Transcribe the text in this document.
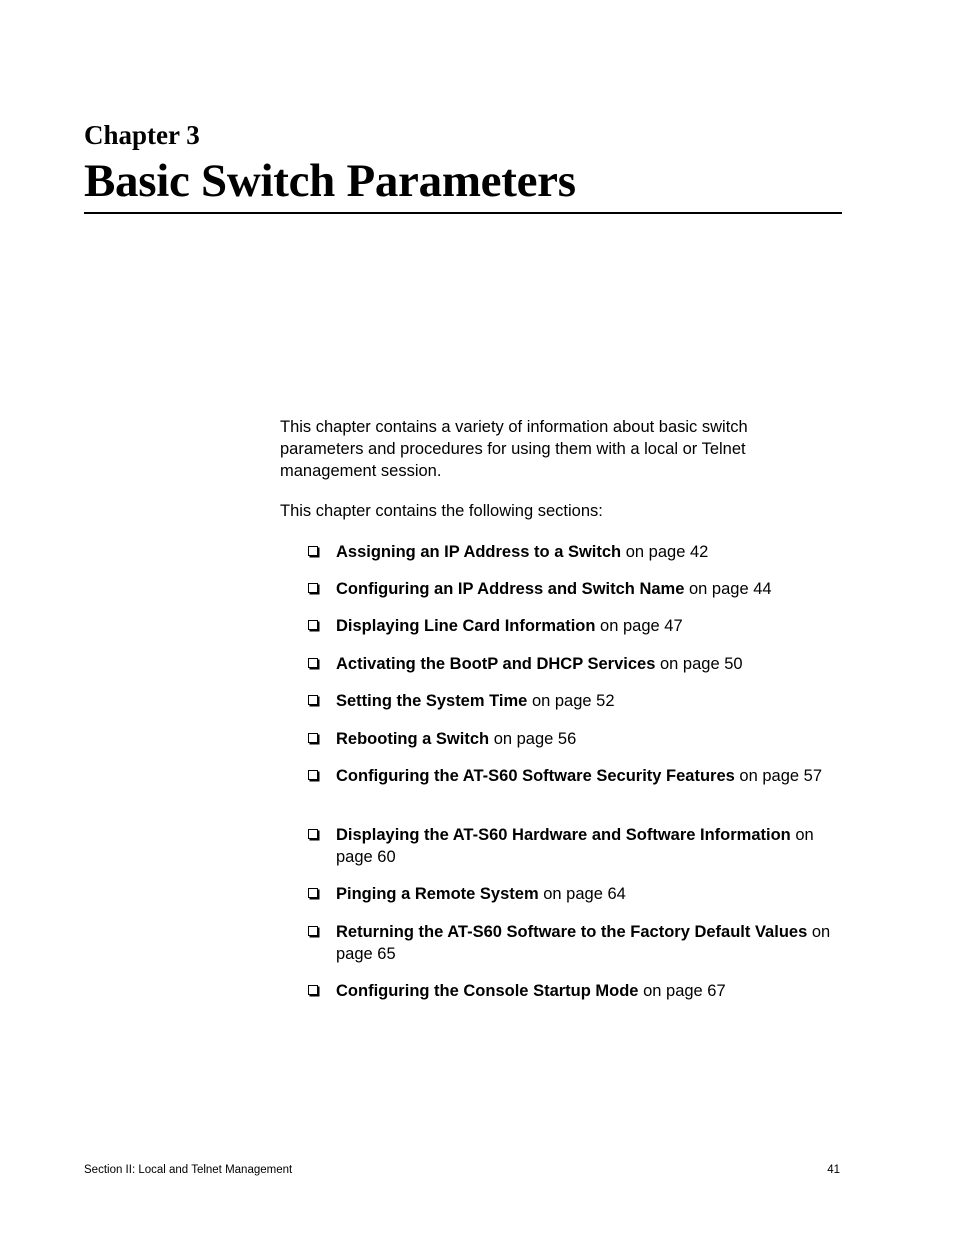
Chapter 3
Basic Switch Parameters

This chapter contains a variety of information about basic switch parameters and procedures for using them with a local or Telnet management session.

This chapter contains the following sections:

Assigning an IP Address to a Switch on page 42
Configuring an IP Address and Switch Name on page 44
Displaying Line Card Information on page 47
Activating the BootP and DHCP Services on page 50
Setting the System Time on page 52
Rebooting a Switch on page 56
Configuring the AT-S60 Software Security Features on page 57
Displaying the AT-S60 Hardware and Software Information on page 60
Pinging a Remote System on page 64
Returning the AT-S60 Software to the Factory Default Values on page 65
Configuring the Console Startup Mode on page 67

Section II: Local and Telnet Management	41
